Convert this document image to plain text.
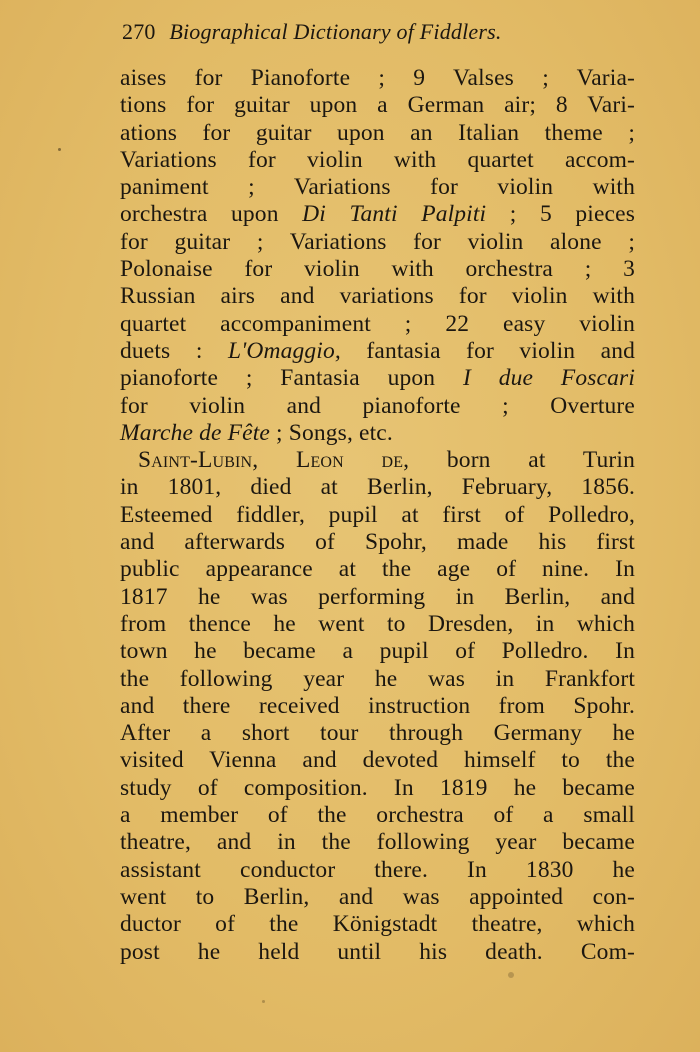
270 Biographical Dictionary of Fiddlers.
aises for Pianoforte ; 9 Valses ; Varia-
tions for guitar upon a German air; 8 Vari-
ations for guitar upon an Italian theme ;
Variations for violin with quartet accom-
paniment ; Variations for violin with
orchestra upon Di Tanti Palpiti ; 5 pieces
for guitar ; Variations for violin alone ;
Polonaise for violin with orchestra ; 3
Russian airs and variations for violin with
quartet accompaniment ; 22 easy violin
duets : L'Omaggio, fantasia for violin and
pianoforte ; Fantasia upon I due Foscari
for violin and pianoforte ; Overture
Marche de Fête ; Songs, etc.
Saint-Lubin, Leon de, born at Turin
in 1801, died at Berlin, February, 1856.
Esteemed fiddler, pupil at first of Polledro,
and afterwards of Spohr, made his first
public appearance at the age of nine. In
1817 he was performing in Berlin, and
from thence he went to Dresden, in which
town he became a pupil of Polledro. In
the following year he was in Frankfort
and there received instruction from Spohr.
After a short tour through Germany he
visited Vienna and devoted himself to the
study of composition. In 1819 he became
a member of the orchestra of a small
theatre, and in the following year became
assistant conductor there. In 1830 he
went to Berlin, and was appointed con-
ductor of the Königstadt theatre, which
post he held until his death. Com-
